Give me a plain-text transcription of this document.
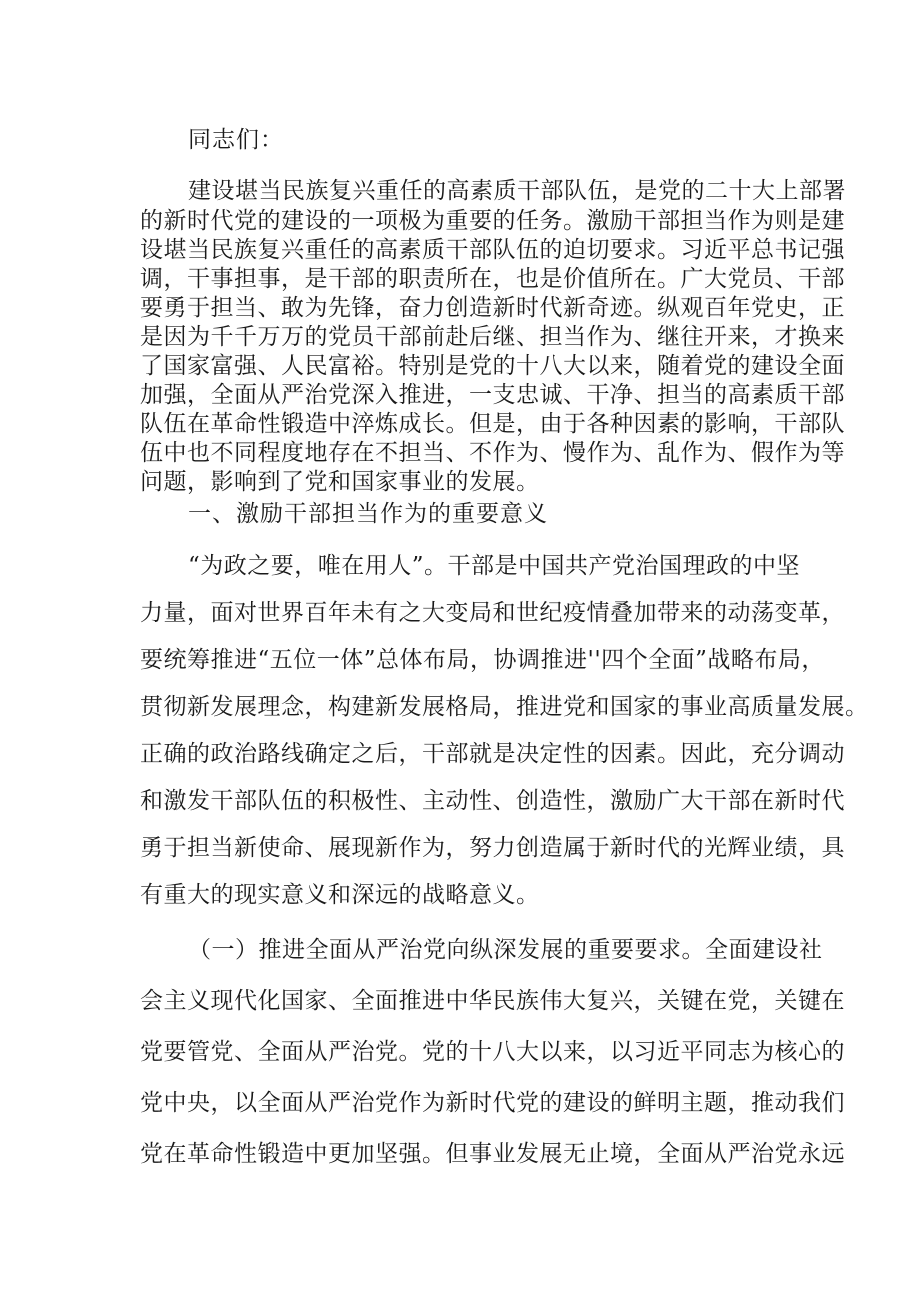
同志们：

建设堪当民族复兴重任的高素质干部队伍，是党的二十大上部署

的新时代党的建设的一项极为重要的任务。激励干部担当作为则是建

设堪当民族复兴重任的高素质干部队伍的迫切要求。习近平总书记强

调，干事担事，是干部的职责所在，也是价值所在。广大党员、干部

要勇于担当、敢为先锋，奋力创造新时代新奇迹。纵观百年党史，正

是因为千千万万的党员干部前赴后继、担当作为、继往开来，才换来

了国家富强、人民富裕。特别是党的十八大以来，随着党的建设全面

加强，全面从严治党深入推进，一支忠诚、干净、担当的高素质干部

队伍在革命性锻造中淬炼成长。但是，由于各种因素的影响，干部队

伍中也不同程度地存在不担当、不作为、慢作为、乱作为、假作为等

问题，影响到了党和国家事业的发展。

一、激励干部担当作为的重要意义

“为政之要，唯在用人”。干部是中国共产党治国理政的中坚

力量，面对世界百年未有之大变局和世纪疫情叠加带来的动荡变革，

要统筹推进“五位一体”总体布局，协调推进''四个全面”战略布局，

贯彻新发展理念，构建新发展格局，推进党和国家的事业高质量发展。

正确的政治路线确定之后，干部就是决定性的因素。因此，充分调动

和激发干部队伍的积极性、主动性、创造性，激励广大干部在新时代

勇于担当新使命、展现新作为，努力创造属于新时代的光辉业绩，具

有重大的现实意义和深远的战略意义。

（一）推进全面从严治党向纵深发展的重要要求。全面建设社

会主义现代化国家、全面推进中华民族伟大复兴，关键在党，关键在

党要管党、全面从严治党。党的十八大以来，以习近平同志为核心的

党中央，以全面从严治党作为新时代党的建设的鲜明主题，推动我们

党在革命性锻造中更加坚强。但事业发展无止境，全面从严治党永远
